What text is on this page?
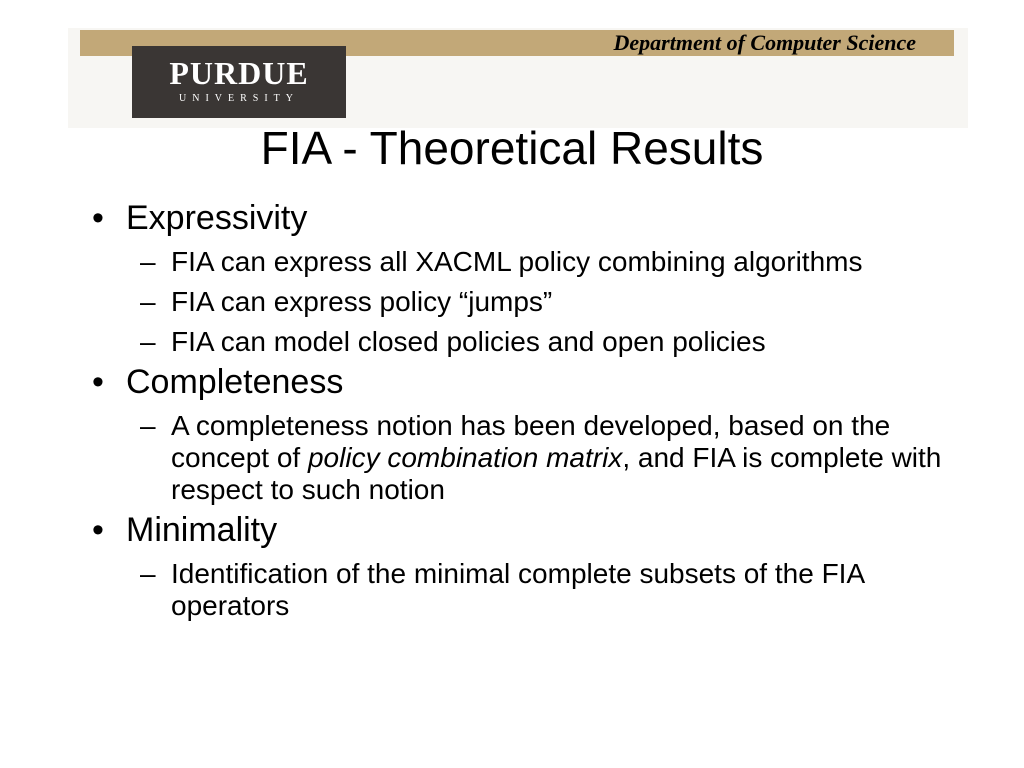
Department of Computer Science
PURDUE
UNIVERSITY
FIA - Theoretical Results
• Expressivity
– FIA can express all XACML policy combining algorithms
– FIA can express policy “jumps”
– FIA can model closed policies and open policies
• Completeness
– A completeness notion has been developed, based on the concept of policy combination matrix, and FIA is complete with respect to such notion
• Minimality
– Identification of the minimal complete subsets of the FIA operators
